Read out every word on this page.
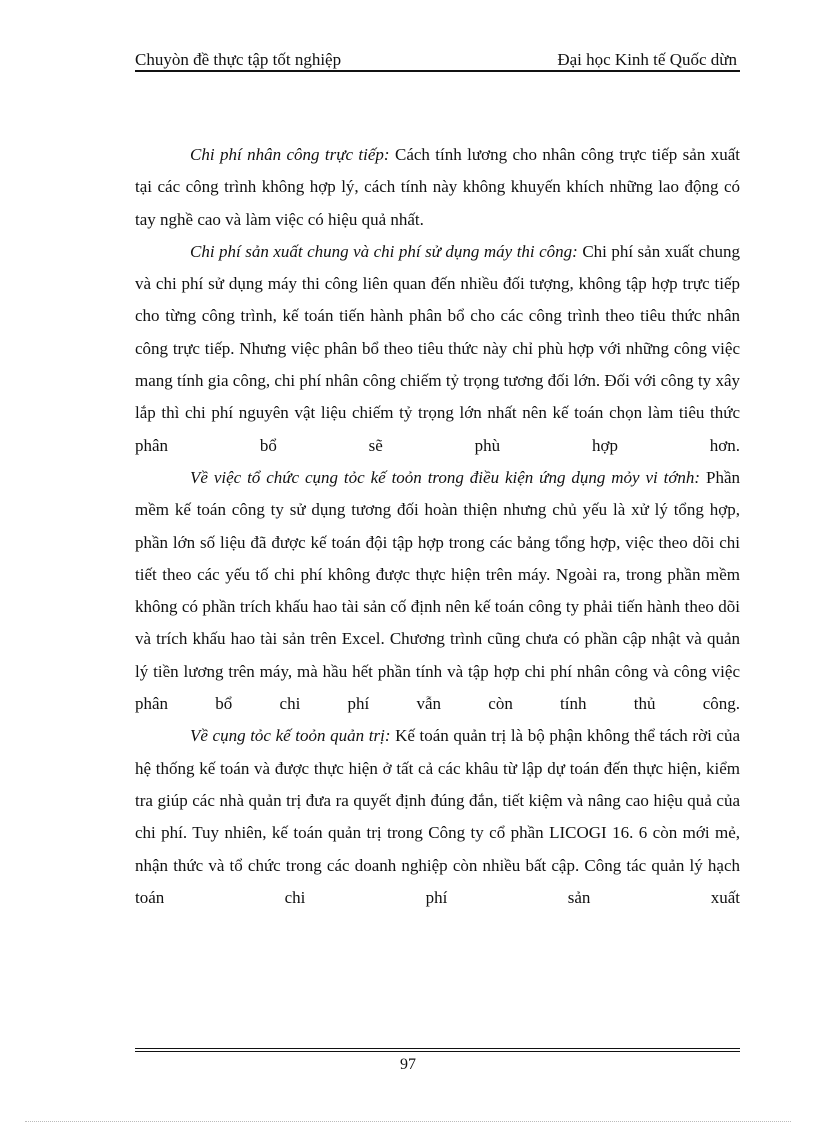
Chuyòn đề thực tập tốt nghiệp	Đại học Kinh tế Quốc dừn

Chi phí nhân công trực tiếp: Cách tính lương cho nhân công trực tiếp sản xuất tại các công trình không hợp lý, cách tính này không khuyến khích những lao động có tay nghề cao và làm việc có hiệu quả nhất.

Chi phí sản xuất chung và chi phí sử dụng máy thi công: Chi phí sản xuất chung và chi phí sử dụng máy thi công liên quan đến nhiều đối tượng, không tập hợp trực tiếp cho từng công trình, kế toán tiến hành phân bổ cho các công trình theo tiêu thức nhân công trực tiếp. Nhưng việc phân bổ theo tiêu thức này chỉ phù hợp với những công việc mang tính gia công, chi phí nhân công chiếm tỷ trọng tương đối lớn. Đối với công ty xây lắp thì chi phí nguyên vật liệu chiếm tỷ trọng lớn nhất nên kế toán chọn làm tiêu thức phân bổ sẽ phù hợp hơn.

Về việc tổ chức cụng tỏc kế toỏn trong điều kiện ứng dụng mỏy vi tớnh: Phần mềm kế toán công ty sử dụng tương đối hoàn thiện nhưng chủ yếu là xử lý tổng hợp, phần lớn số liệu đã được kế toán đội tập hợp trong các bảng tổng hợp, việc theo dõi chi tiết theo các yếu tố chi phí không được thực hiện trên máy. Ngoài ra, trong phần mềm không có phần trích khấu hao tài sản cố định nên kế toán công ty phải tiến hành theo dõi và trích khấu hao tài sản trên Excel. Chương trình cũng chưa có phần cập nhật và quản lý tiền lương trên máy, mà hầu hết phần tính và tập hợp chi phí nhân công và công việc phân bổ chi phí vẫn còn tính thủ công.

Về cụng tỏc kế toỏn quản trị: Kế toán quản trị là bộ phận không thể tách rời của hệ thống kế toán và được thực hiện ở tất cả các khâu từ lập dự toán đến thực hiện, kiểm tra giúp các nhà quản trị đưa ra quyết định đúng đắn, tiết kiệm và nâng cao hiệu quả của chi phí. Tuy nhiên, kế toán quản trị trong Công ty cổ phần LICOGI 16. 6 còn mới mẻ, nhận thức và tổ chức trong các doanh nghiệp còn nhiều bất cập. Công tác quản lý hạch toán chi phí sản xuất

97
